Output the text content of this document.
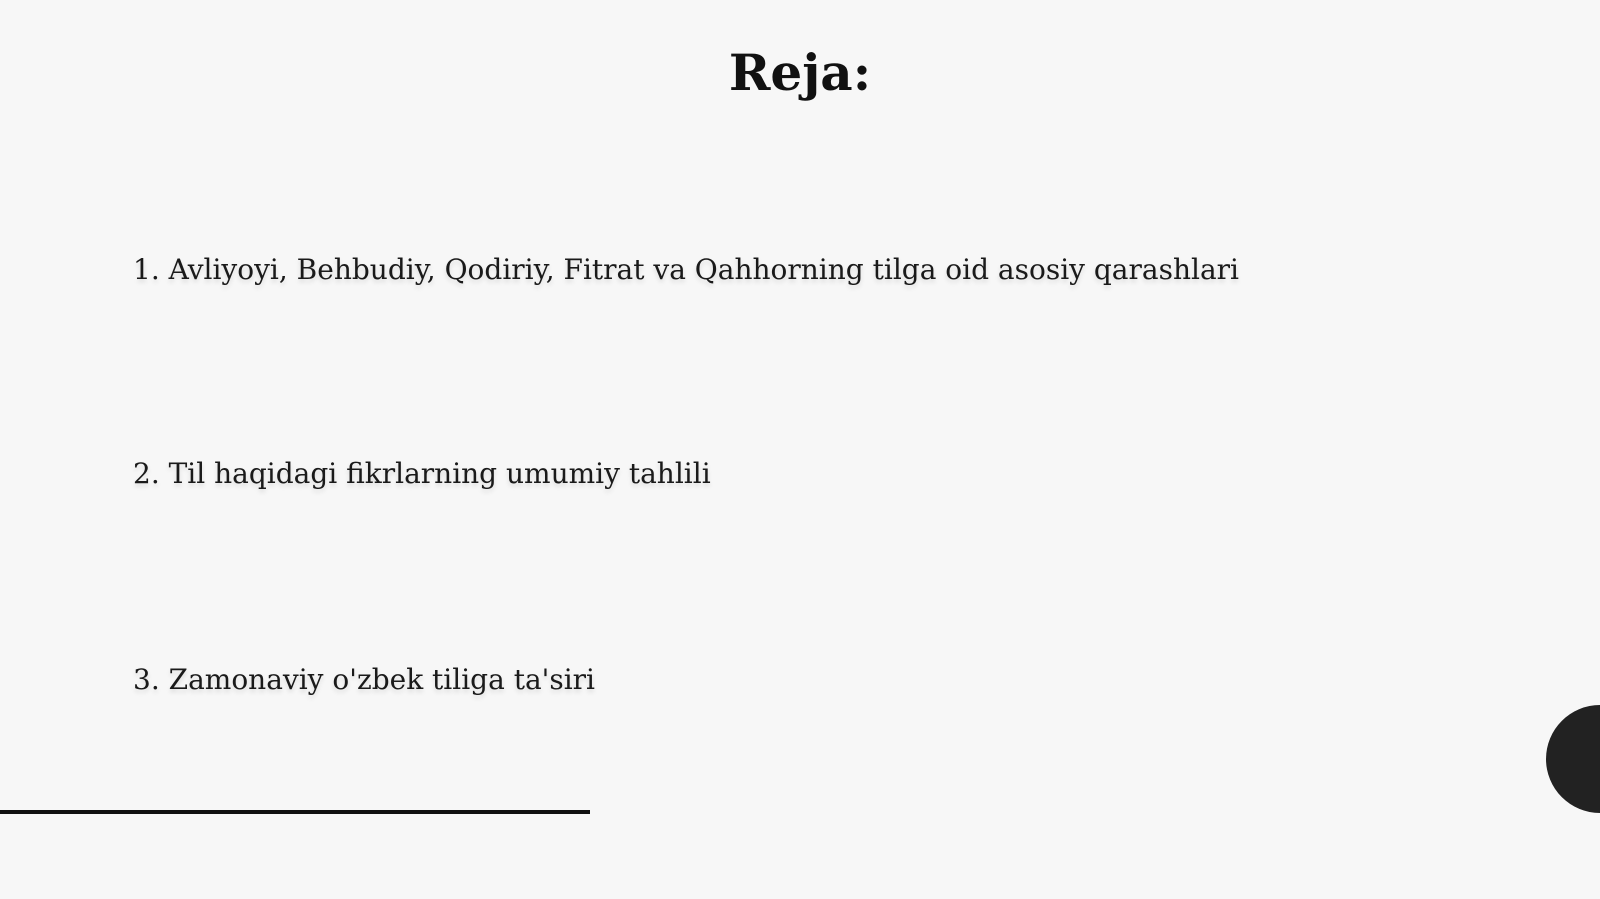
Reja:
1. Avliyoyi, Behbudiy, Qodiriy, Fitrat va Qahhorning tilga oid asosiy qarashlari
2. Til haqidagi fikrlarning umumiy tahlili
3. Zamonaviy o'zbek tiliga ta'siri
